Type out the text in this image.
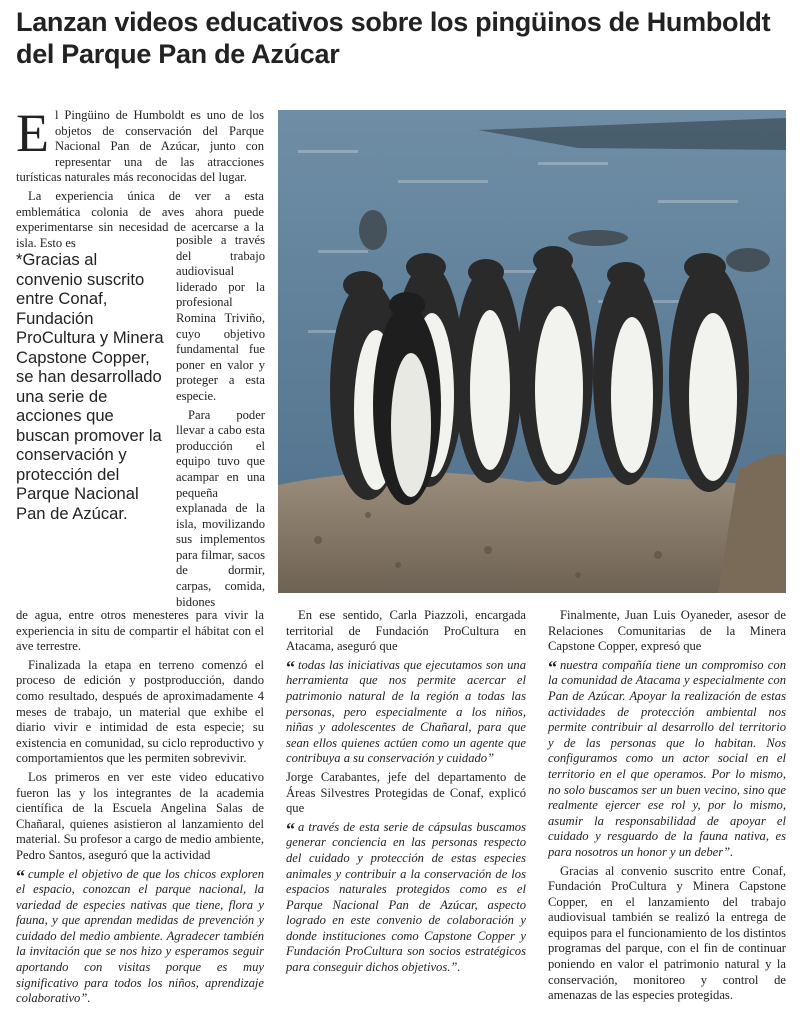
Lanzan videos educativos sobre los pingüinos de Humboldt del Parque Pan de Azúcar

El Pingüino de Humboldt es uno de los objetos de conservación del Parque Nacional Pan de Azúcar, junto con representar una de las atracciones turísticas naturales más reconocidas del lugar.

La experiencia única de ver a esta emblemática colonia de aves ahora puede experimentarse sin necesidad de acercarse a la isla. Esto es

*Gracias al convenio suscrito entre Conaf, Fundación ProCultura y Minera Capstone Copper, se han desarrollado una serie de acciones que buscan promover la conservación y protección del Parque Nacional Pan de Azúcar.

posible a través del trabajo audiovisual liderado por la profesional Romina Triviño, cuyo objetivo fundamental fue poner en valor y proteger a esta especie.

Para poder llevar a cabo esta producción el equipo tuvo que acampar en una pequeña explanada de la isla, movilizando sus implementos para filmar, sacos de dormir, carpas, comida, bidones

de agua, entre otros menesteres para vivir la experiencia in situ de compartir el hábitat con el ave terrestre.

Finalizada la etapa en terreno comenzó el proceso de edición y postproducción, dando como resultado, después de aproximadamente 4 meses de trabajo, un material que exhibe el diario vivir e intimidad de esta especie; su existencia en comunidad, su ciclo reproductivo y comportamientos que les permiten sobrevivir.

Los primeros en ver este video educativo fueron las y los integrantes de la academia científica de la Escuela Angelina Salas de Chañaral, quienes asistieron al lanzamiento del material. Su profesor a cargo de medio ambiente, Pedro Santos, aseguró que la actividad

“ cumple el objetivo de que los chicos exploren el espacio, conozcan el parque nacional, la variedad de especies nativas que tiene, flora y fauna, y que aprendan medidas de prevención y cuidado del medio ambiente. Agradecer también la invitación que se nos hizo y esperamos seguir aportando con visitas porque es muy significativo para todos los niños, aprendizaje colaborativo”.

En ese sentido, Carla Piazzoli, encargada territorial de Fundación ProCultura en Atacama, aseguró que

“ todas las iniciativas que ejecutamos son una herramienta que nos permite acercar el patrimonio natural de la región a todas las personas, pero especialmente a los niños, niñas y adolescentes de Chañaral, para que sean ellos quienes actúen como un agente que contribuya a su conservación y cuidado”

Jorge Carabantes, jefe del departamento de Áreas Silvestres Protegidas de Conaf, explicó que

“ a través de esta serie de cápsulas buscamos generar conciencia en las personas respecto del cuidado y protección de estas especies animales y contribuir a la conservación de los espacios naturales protegidos como es el Parque Nacional Pan de Azúcar, aspecto logrado en este convenio de colaboración y donde instituciones como Capstone Copper y Fundación ProCultura son socios estratégicos para conseguir dichos objetivos.”.

Finalmente, Juan Luis Oyaneder, asesor de Relaciones Comunitarias de la Minera Capstone Copper, expresó que

“ nuestra compañía tiene un compromiso con la comunidad de Atacama y especialmente con Pan de Azúcar. Apoyar la realización de estas actividades de protección ambiental nos permite contribuir al desarrollo del territorio y de las personas que lo habitan. Nos configuramos como un actor social en el territorio en el que operamos. Por lo mismo, no solo buscamos ser un buen vecino, sino que realmente ejercer ese rol y, por lo mismo, asumir la responsabilidad de apoyar el cuidado y resguardo de la fauna nativa, es para nosotros un honor y un deber”.

Gracias al convenio suscrito entre Conaf, Fundación ProCultura y Minera Capstone Copper, en el lanzamiento del trabajo audiovisual también se realizó la entrega de equipos para el funcionamiento de los distintos programas del parque, con el fin de continuar poniendo en valor el patrimonio natural y la conservación, monitoreo y control de amenazas de las especies protegidas.
